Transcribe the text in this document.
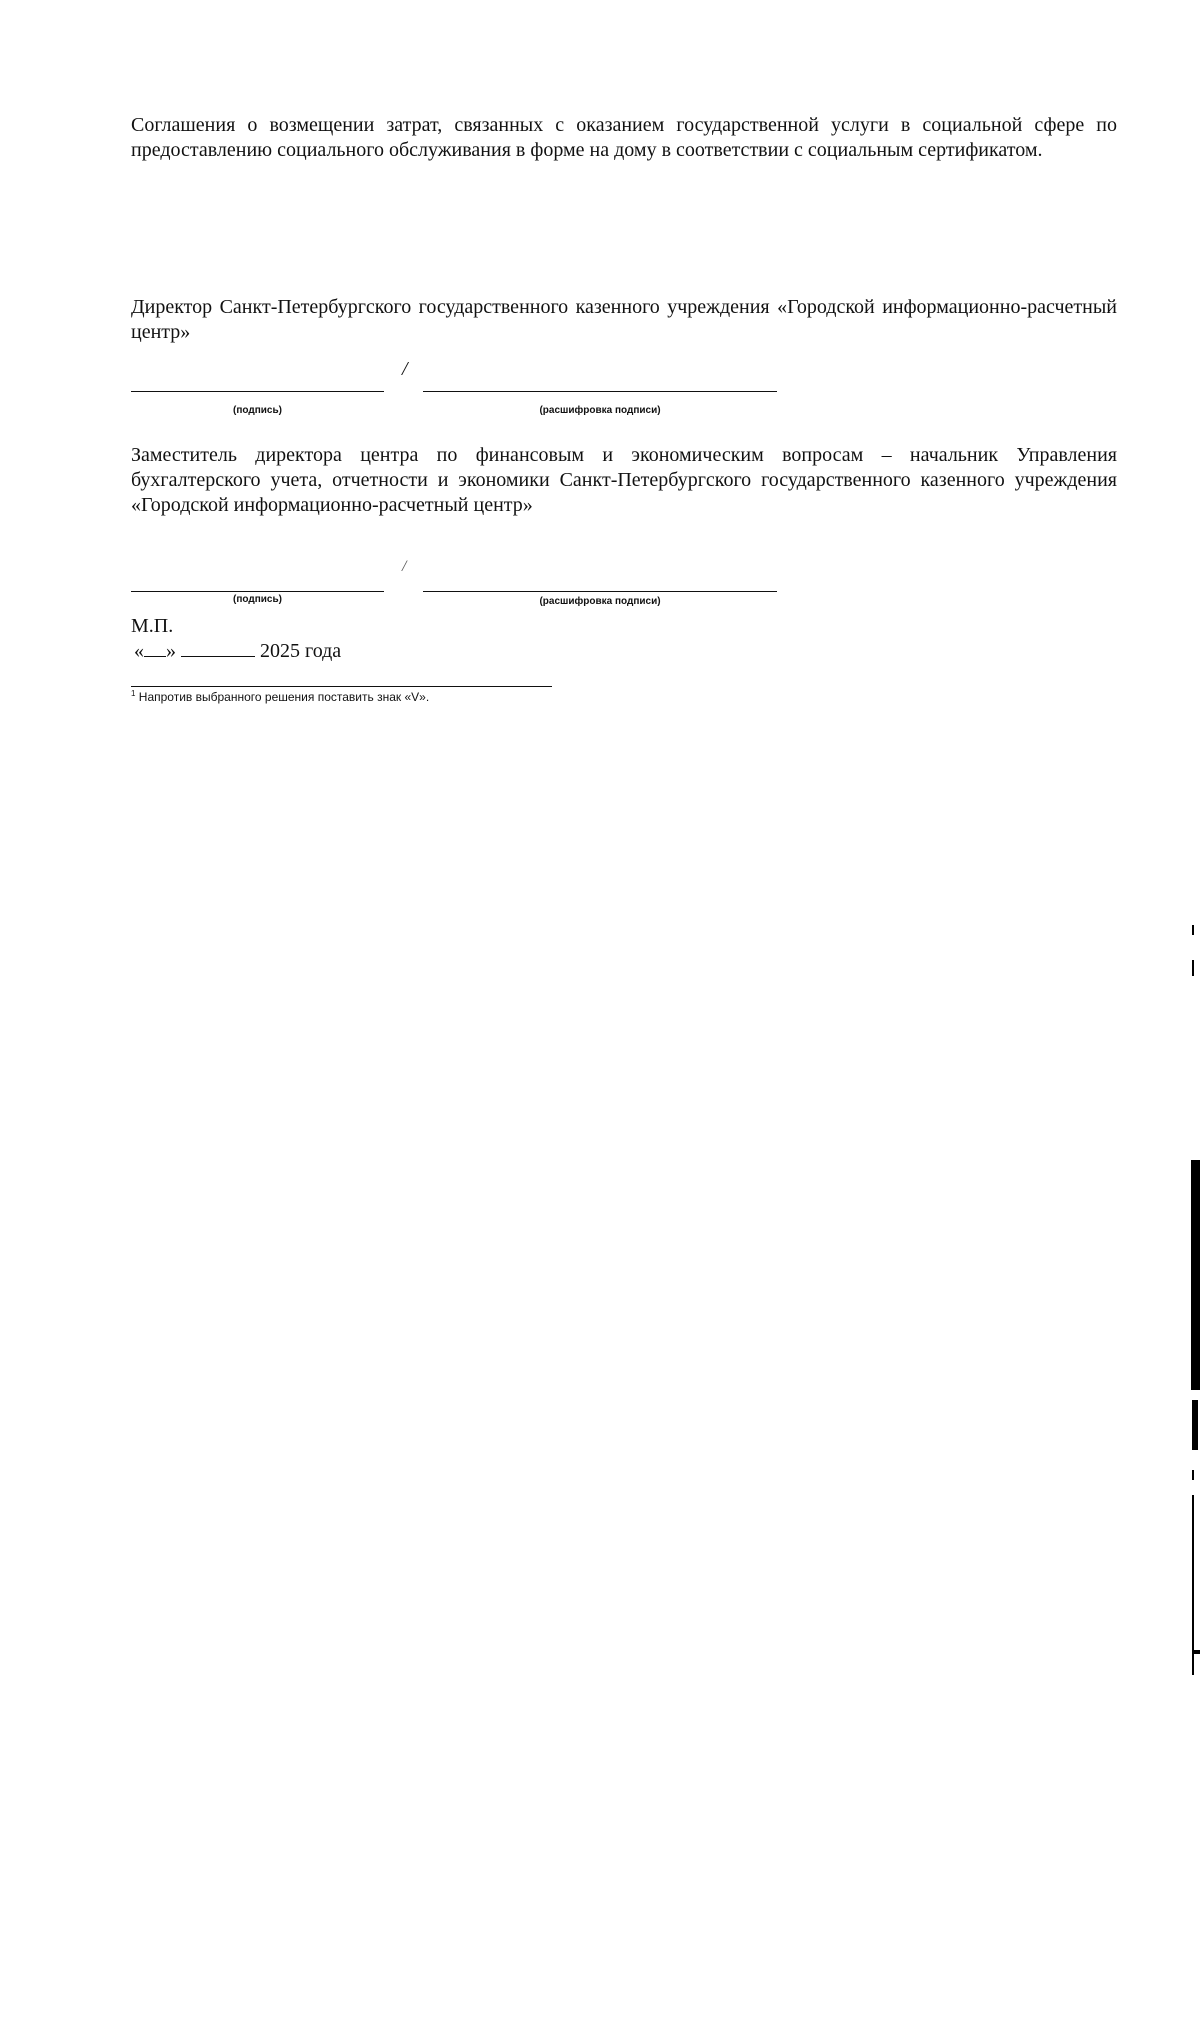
Соглашения о возмещении затрат, связанных с оказанием государственной услуги в социальной сфере по предоставлению социального обслуживания в форме на дому в соответствии с социальным сертификатом.
Директор Санкт-Петербургского государственного казенного учреждения «Городской информационно-расчетный центр»
/
(подпись)	(расшифровка подписи)
Заместитель директора центра по финансовым и экономическим вопросам – начальник Управления бухгалтерского учета, отчетности и экономики Санкт-Петербургского государственного казенного учреждения «Городской информационно-расчетный центр»
/
(подпись)	(расшифровка подписи)
М.П.
« »	2025 года
$^1$ Напротив выбранного решения поставить знак «V».
